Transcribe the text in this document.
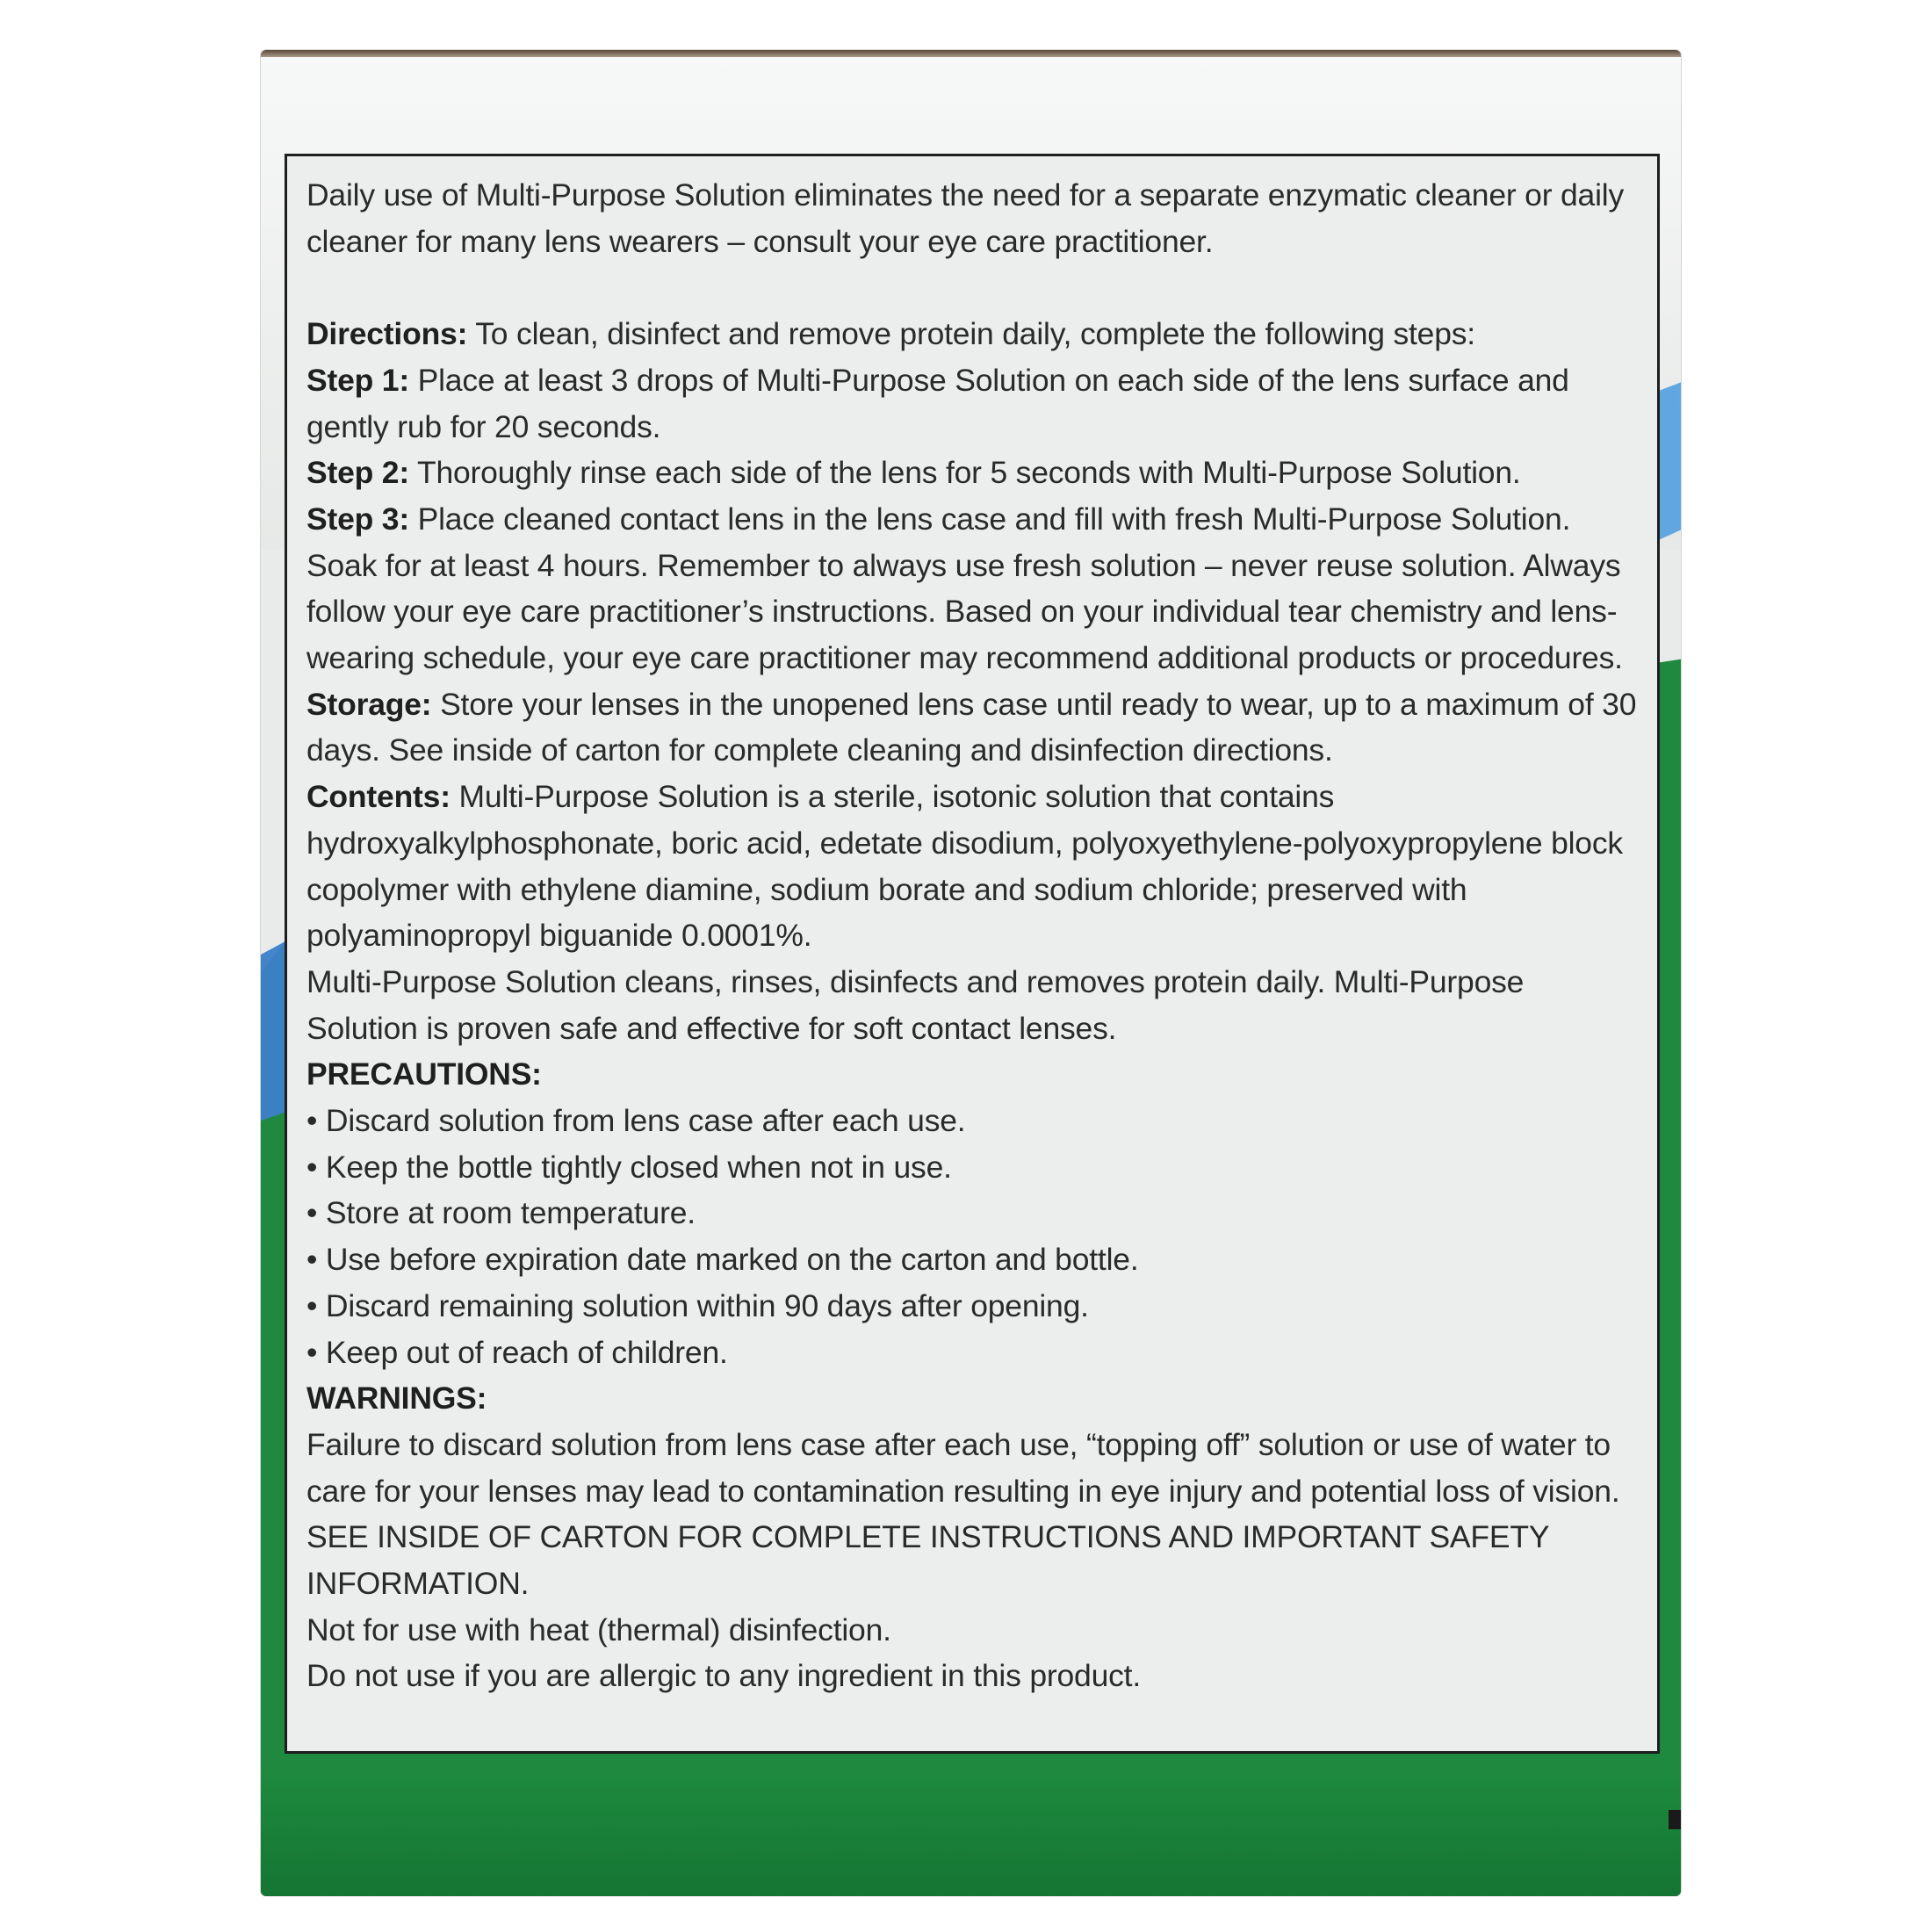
Daily use of Multi-Purpose Solution eliminates the need for a separate enzymatic cleaner or daily cleaner for many lens wearers – consult your eye care practitioner.

Directions: To clean, disinfect and remove protein daily, complete the following steps:

Step 1: Place at least 3 drops of Multi-Purpose Solution on each side of the lens surface and gently rub for 20 seconds.

Step 2: Thoroughly rinse each side of the lens for 5 seconds with Multi-Purpose Solution.

Step 3: Place cleaned contact lens in the lens case and fill with fresh Multi-Purpose Solution. Soak for at least 4 hours. Remember to always use fresh solution – never reuse solution. Always follow your eye care practitioner’s instructions. Based on your individual tear chemistry and lens-wearing schedule, your eye care practitioner may recommend additional products or procedures.

Storage: Store your lenses in the unopened lens case until ready to wear, up to a maximum of 30 days. See inside of carton for complete cleaning and disinfection directions.

Contents: Multi-Purpose Solution is a sterile, isotonic solution that contains hydroxyalkylphosphonate, boric acid, edetate disodium, polyoxyethylene-polyoxypropylene block copolymer with ethylene diamine, sodium borate and sodium chloride; preserved with polyaminopropyl biguanide 0.0001%.

Multi-Purpose Solution cleans, rinses, disinfects and removes protein daily. Multi-Purpose Solution is proven safe and effective for soft contact lenses.

PRECAUTIONS:

• Discard solution from lens case after each use.

• Keep the bottle tightly closed when not in use.

• Store at room temperature.

• Use before expiration date marked on the carton and bottle.

• Discard remaining solution within 90 days after opening.

• Keep out of reach of children.

WARNINGS:

Failure to discard solution from lens case after each use, “topping off” solution or use of water to care for your lenses may lead to contamination resulting in eye injury and potential loss of vision. SEE INSIDE OF CARTON FOR COMPLETE INSTRUCTIONS AND IMPORTANT SAFETY INFORMATION.

Not for use with heat (thermal) disinfection.

Do not use if you are allergic to any ingredient in this product.
